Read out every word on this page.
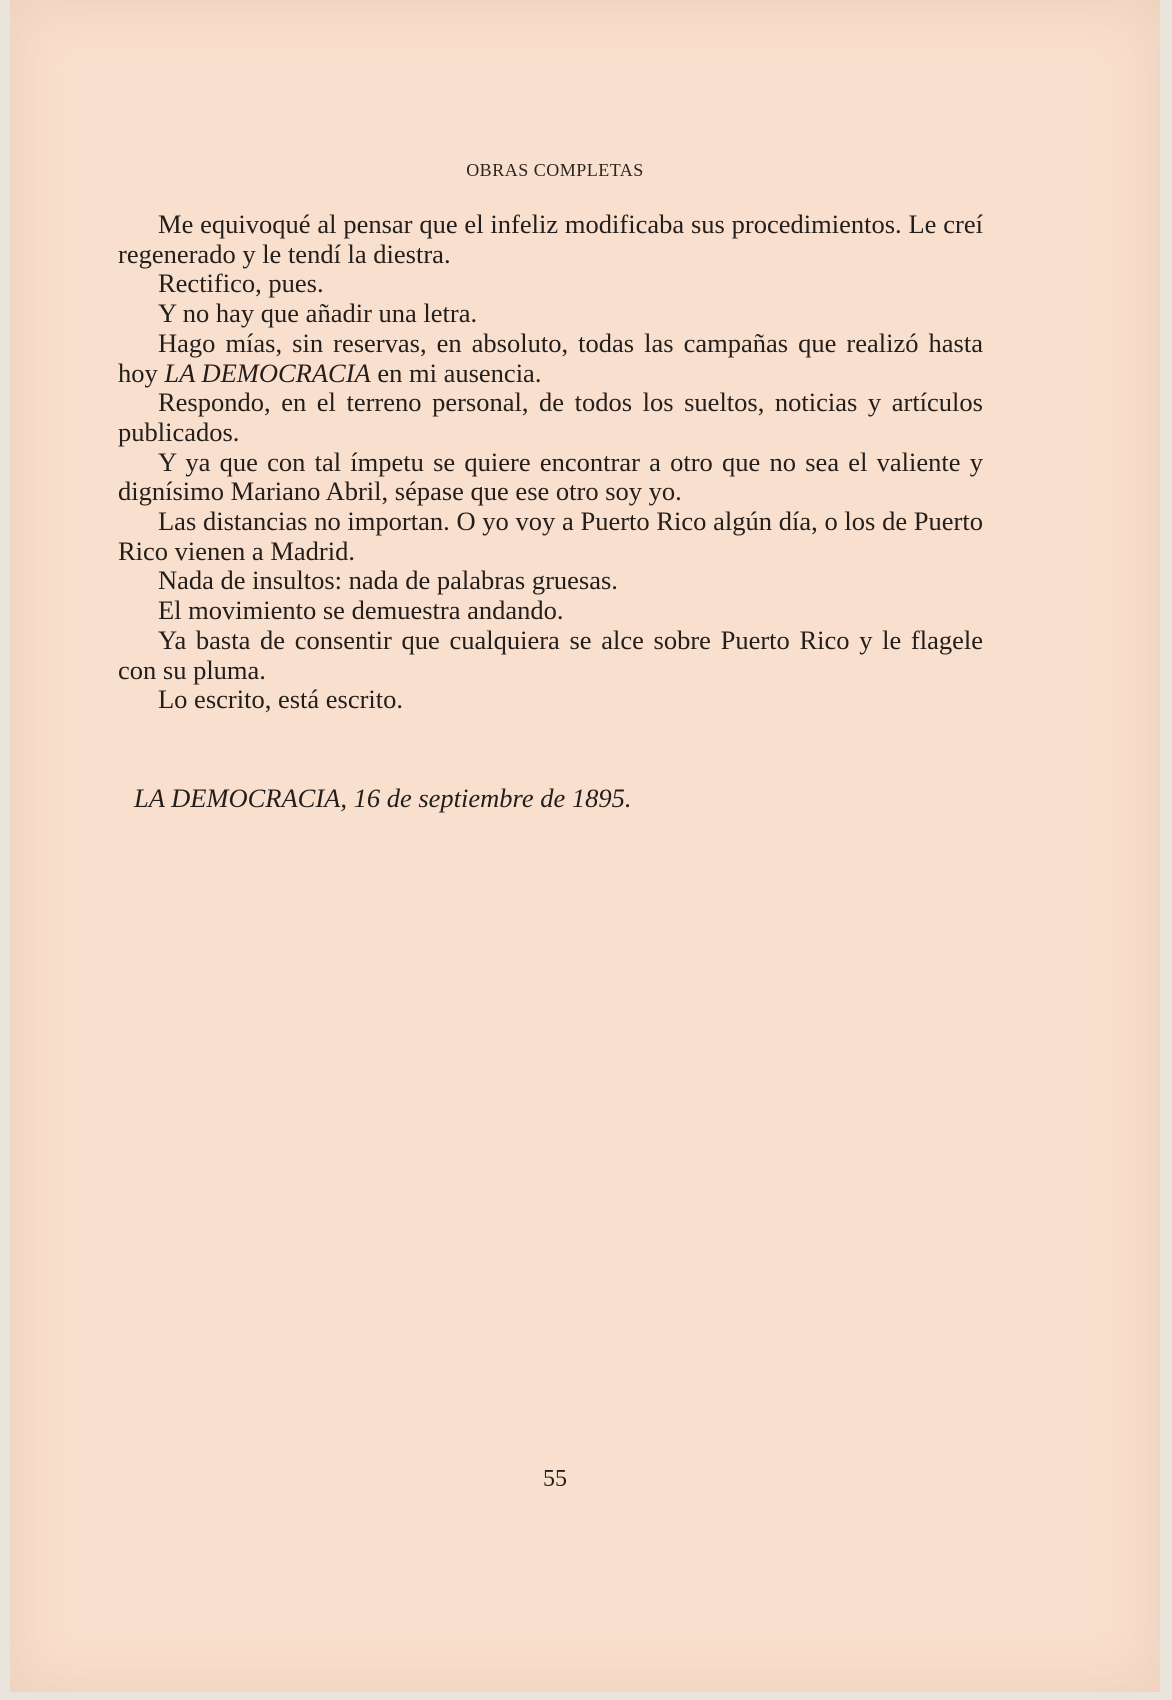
OBRAS COMPLETAS

Me equivoqué al pensar que el infeliz modificaba sus procedimientos. Le creí regenerado y le tendí la diestra.

Rectifico, pues.

Y no hay que añadir una letra.

Hago mías, sin reservas, en absoluto, todas las campañas que realizó hasta hoy LA DEMOCRACIA en mi ausencia.

Respondo, en el terreno personal, de todos los sueltos, noticias y artículos publicados.

Y ya que con tal ímpetu se quiere encontrar a otro que no sea el valiente y dignísimo Mariano Abril, sépase que ese otro soy yo.

Las distancias no importan. O yo voy a Puerto Rico algún día, o los de Puerto Rico vienen a Madrid.

Nada de insultos: nada de palabras gruesas.

El movimiento se demuestra andando.

Ya basta de consentir que cualquiera se alce sobre Puerto Rico y le flagele con su pluma.

Lo escrito, está escrito.

LA DEMOCRACIA, 16 de septiembre de 1895.
55
